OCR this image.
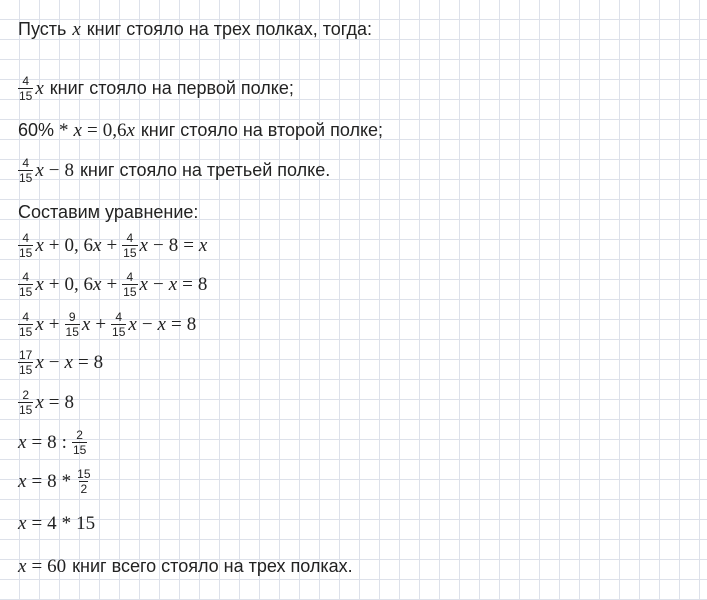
Пусть x книг стояло на трех полках, тогда:
$\frac{4}{15}$ x книг стояло на первой полке;
60% * x = 0,6 x книг стояло на второй полке;
$\frac{4}{15}$ x − 8 книг стояло на третьей полке.
Составим уравнение:
$\frac{4}{15}$ x + 0, 6 $x + \frac{4}{15}$ x − 8 = x
$\frac{4}{15}$ x + 0, 6 $x + \frac{4}{15}$ x − x = 8
$\frac{4}{15}$ $x + \frac{9}{15}$ $x + \frac{4}{15}$ x − x = 8
$\frac{17}{15}$ x − x = 8
$\frac{2}{15}$ x = 8
x = 8 : $\frac{2}{15}$
$x = 8 * \frac{15}{2}$
x = 4 * 15
x = 60 книг всего стояло на трех полках.
